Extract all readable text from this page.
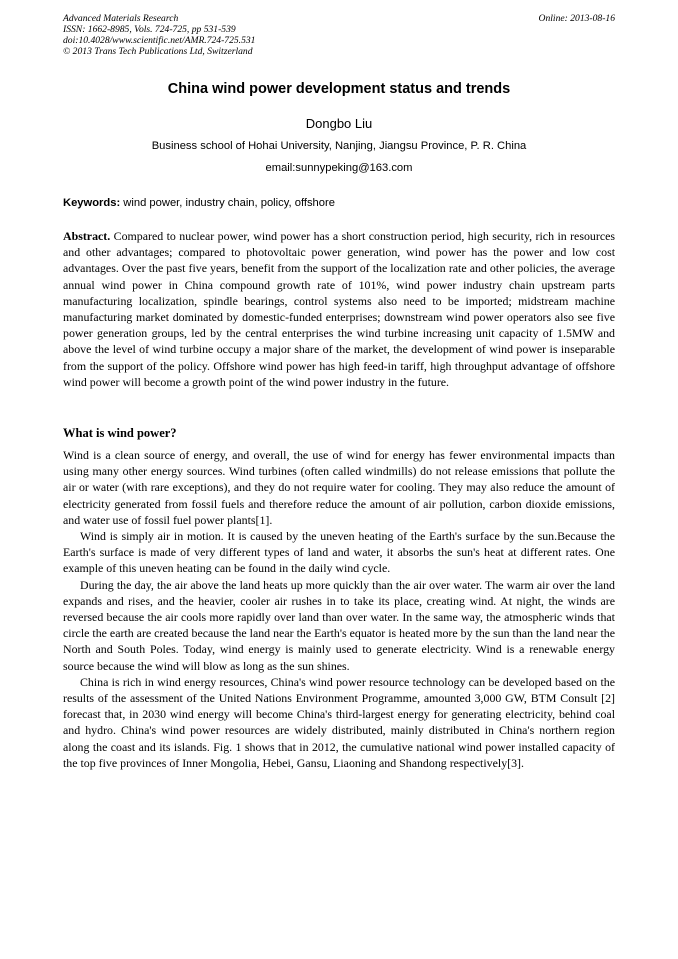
Advanced Materials Research
ISSN: 1662-8985, Vols. 724-725, pp 531-539
doi:10.4028/www.scientific.net/AMR.724-725.531
© 2013 Trans Tech Publications Ltd, Switzerland
Online: 2013-08-16
China wind power development status and trends
Dongbo Liu
Business school of Hohai University, Nanjing, Jiangsu Province, P. R. China
email:sunnypeking@163.com
Keywords: wind power, industry chain, policy, offshore
Abstract. Compared to nuclear power, wind power has a short construction period, high security, rich in resources and other advantages; compared to photovoltaic power generation, wind power has the power and low cost advantages. Over the past five years, benefit from the support of the localization rate and other policies, the average annual wind power in China compound growth rate of 101%, wind power industry chain upstream parts manufacturing localization, spindle bearings, control systems also need to be imported; midstream machine manufacturing market dominated by domestic-funded enterprises; downstream wind power operators also see five power generation groups, led by the central enterprises the wind turbine increasing unit capacity of 1.5MW and above the level of wind turbine occupy a major share of the market, the development of wind power is inseparable from the support of the policy. Offshore wind power has high feed-in tariff, high throughput advantage of offshore wind power will become a growth point of the wind power industry in the future.
What is wind power?

Wind is a clean source of energy, and overall, the use of wind for energy has fewer environmental impacts than using many other energy sources. Wind turbines (often called windmills) do not release emissions that pollute the air or water (with rare exceptions), and they do not require water for cooling. They may also reduce the amount of electricity generated from fossil fuels and therefore reduce the amount of air pollution, carbon dioxide emissions, and water use of fossil fuel power plants[1].

Wind is simply air in motion. It is caused by the uneven heating of the Earth's surface by the sun.Because the Earth's surface is made of very different types of land and water, it absorbs the sun's heat at different rates. One example of this uneven heating can be found in the daily wind cycle.

During the day, the air above the land heats up more quickly than the air over water. The warm air over the land expands and rises, and the heavier, cooler air rushes in to take its place, creating wind. At night, the winds are reversed because the air cools more rapidly over land than over water. In the same way, the atmospheric winds that circle the earth are created because the land near the Earth's equator is heated more by the sun than the land near the North and South Poles. Today, wind energy is mainly used to generate electricity. Wind is a renewable energy source because the wind will blow as long as the sun shines.

China is rich in wind energy resources, China's wind power resource technology can be developed based on the results of the assessment of the United Nations Environment Programme, amounted 3,000 GW, BTM Consult [2] forecast that, in 2030 wind energy will become China's third-largest energy for generating electricity, behind coal and hydro. China's wind power resources are widely distributed, mainly distributed in China's northern region along the coast and its islands. Fig. 1 shows that in 2012, the cumulative national wind power installed capacity of the top five provinces of Inner Mongolia, Hebei, Gansu, Liaoning and Shandong respectively[3].
